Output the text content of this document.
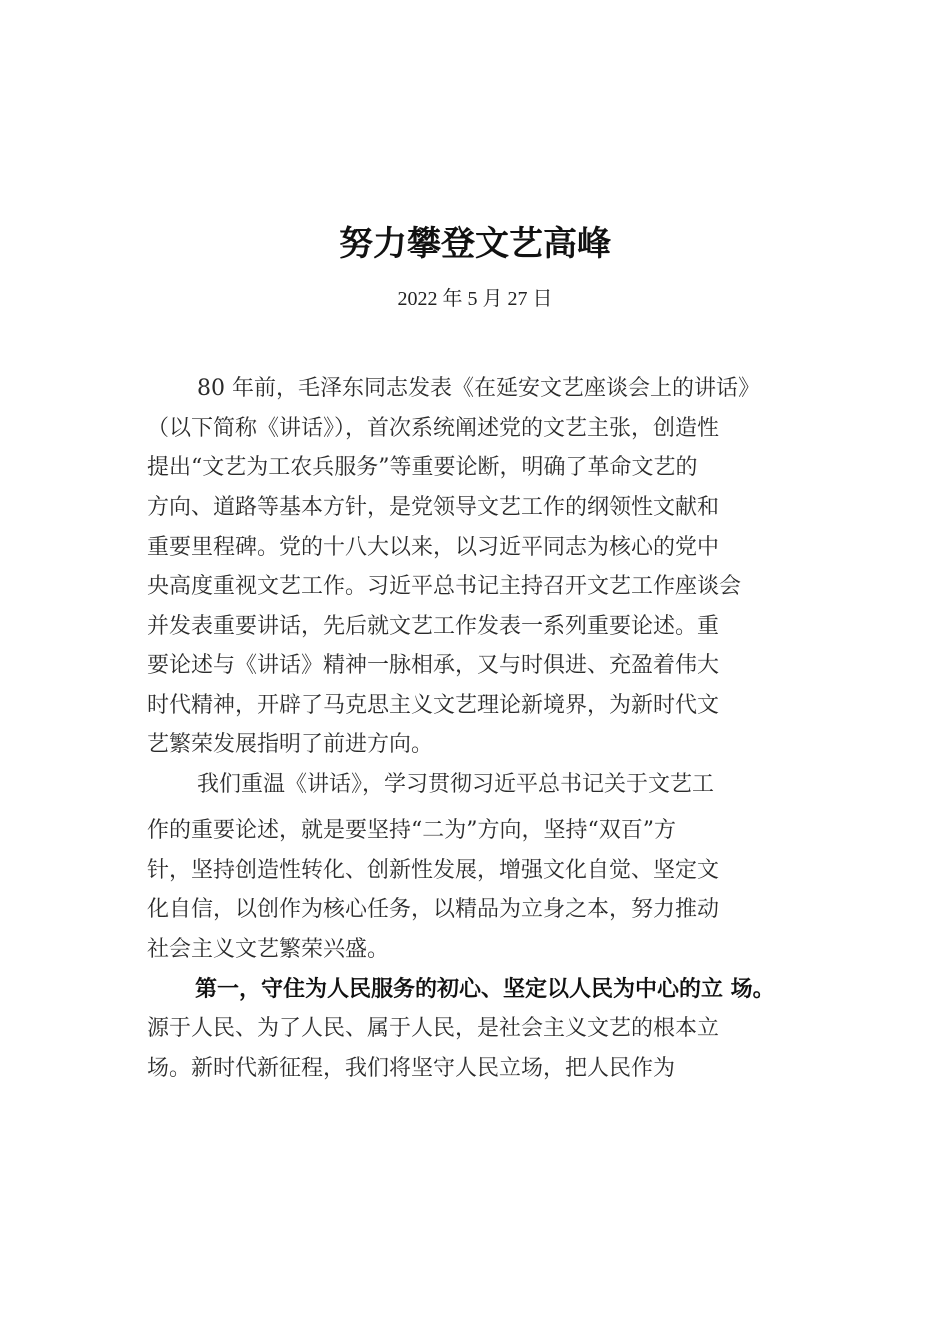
努力攀登文艺高峰
2022 年 5 月 27 日
80 年前，毛泽东同志发表《在延安文艺座谈会上的讲话》
（以下简称《讲话》），首次系统阐述党的文艺主张，创造性
提出“文艺为工农兵服务”等重要论断，明确了革命文艺的
方向、道路等基本方针，是党领导文艺工作的纲领性文献和
重要里程碑。党的十八大以来，以习近平同志为核心的党中
央高度重视文艺工作。习近平总书记主持召开文艺工作座谈会
并发表重要讲话，先后就文艺工作发表一系列重要论述。重
要论述与《讲话》精神一脉相承，又与时俱进、充盈着伟大
时代精神，开辟了马克思主义文艺理论新境界，为新时代文
艺繁荣发展指明了前进方向。
我们重温《讲话》，学习贯彻习近平总书记关于文艺工
作的重要论述，就是要坚持“二为”方向，坚持“双百”方
针，坚持创造性转化、创新性发展，增强文化自觉、坚定文
化自信，以创作为核心任务，以精品为立身之本，努力推动
社会主义文艺繁荣兴盛。
第一，守住为人民服务的初心、坚定以人民为中心的立 场。
源于人民、为了人民、属于人民，是社会主义文艺的根本立
场。新时代新征程，我们将坚守人民立场，把人民作为
